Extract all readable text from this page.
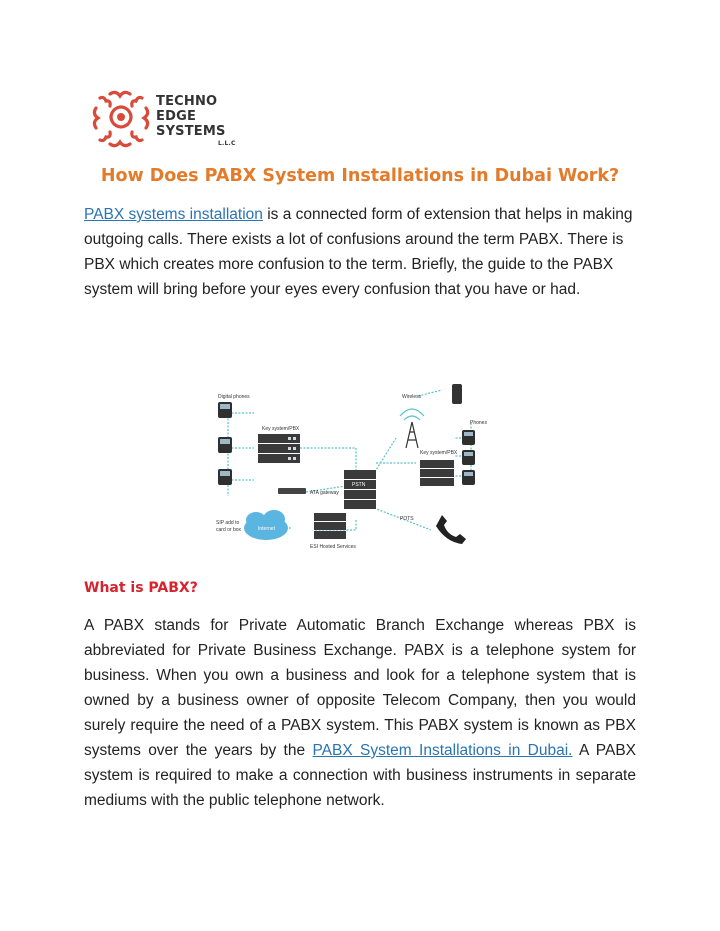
TECHNO
EDGE
SYSTEMS
L.L.C
How Does PABX System Installations in Dubai Work?

PABX systems installation is a connected form of extension that helps in making outgoing calls. There exists a lot of confusions around the term PABX. There is PBX which creates more confusion to the term. Briefly, the guide to the PABX system will bring before your eyes every confusion that you have or had.

Digital phones
Key system/PBX
ATA gateway
SIP add to
card or box	Internet
ESI Hosted Services
PSTN
Wireless
Phones
Key system/PBX
POTS
What is PABX?

A PABX stands for Private Automatic Branch Exchange whereas PBX is abbreviated for Private Business Exchange. PABX is a telephone system for business. When you own a business and look for a telephone system that is owned by a business owner of opposite Telecom Company, then you would surely require the need of a PABX system. This PABX system is known as PBX systems over the years by the PABX System Installations in Dubai. A PABX system is required to make a connection with business instruments in separate mediums with the public telephone network.
